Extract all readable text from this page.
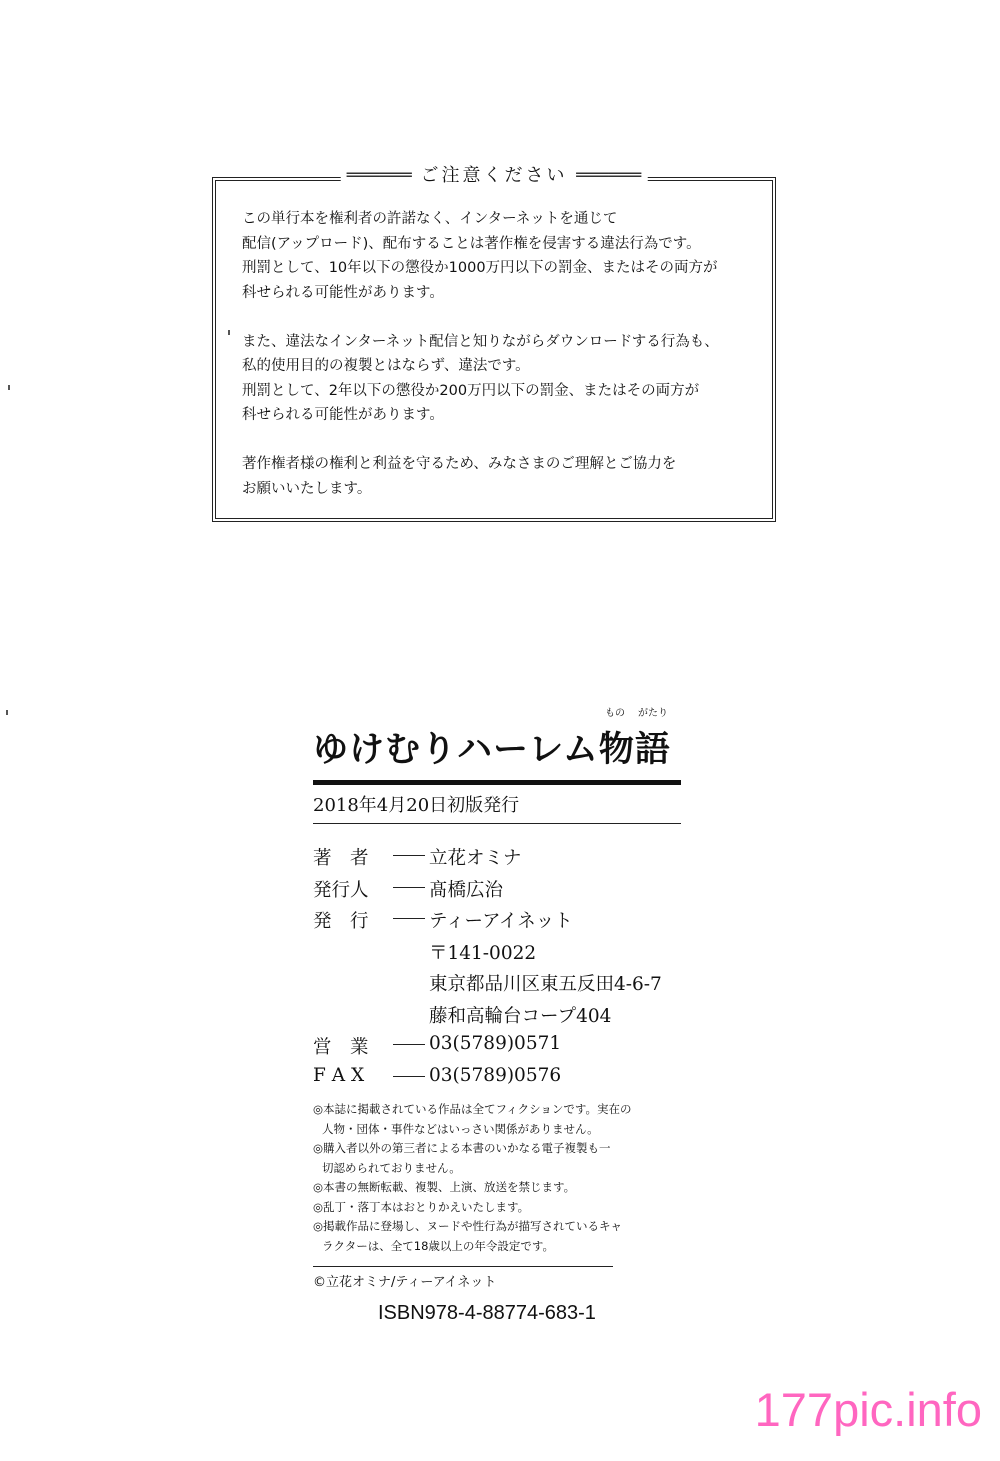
══════ ご注意ください ══════
この単行本を権利者の許諾なく、インターネットを通じて
配信(アップロード)、配布することは著作権を侵害する違法行為です。
刑罰として、10年以下の懲役か1000万円以下の罰金、またはその両方が
科せられる可能性があります。
また、違法なインターネット配信と知りながらダウンロードする行為も、
私的使用目的の複製とはならず、違法です。
刑罰として、2年以下の懲役か200万円以下の罰金、またはその両方が
科せられる可能性があります。
著作権者様の権利と利益を守るため、みなさまのご理解とご協力を
お願いいたします。
もの がたり
ゆけむりハーレム物語
2018年4月20日初版発行
著　者	立花オミナ
発行人	髙橋広治
発　行	ティーアイネット
〒141-0022
東京都品川区東五反田4-6-7
藤和高輪台コープ404
営　業	03(5789)0571
F A X	03(5789)0576
◎本誌に掲載されている作品は全てフィクションです。実在の
人物・団体・事件などはいっさい関係がありません。
◎購入者以外の第三者による本書のいかなる電子複製も一
切認められておりません。
◎本書の無断転載、複製、上演、放送を禁じます。
◎乱丁・落丁本はおとりかえいたします。
◎掲載作品に登場し、ヌードや性行為が描写されているキャ
ラクターは、全て18歳以上の年令設定です。
©立花オミナ/ティーアイネット
ISBN978-4-88774-683-1
177pic.info
